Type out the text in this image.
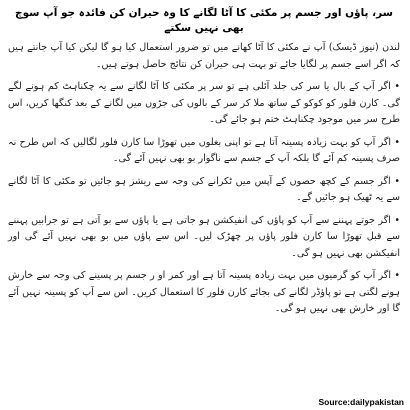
سر، پاؤں اور جسم پر مکئی کا آٹا لگانے کا وہ حیران کن فائدہ جو آپ سوچ بھی نہیں سکتے

لندن (نیوز ڈیسک) آپ نے مکئی کا آٹا کھانے میں تو ضرور استعمال کیا ہو گا لیکن کیا آپ جانتے ہیں کہ اگر اسے جسم پر لگایا جائے تو بہت ہی حیران کن نتائج حاصل ہوتے ہیں۔

• اگر آپ کے بال یا سر کی جلد آئلی ہے تو سر پر مکئی کا آٹا لگانے سے یہ چکناہٹ کم ہونے لگے گی۔ کارن فلور کو کوکو کے ساتھ ملا کر سر کے بالوں کی جڑوں میں لگانے کے بعد کنگھا کریں، اس طرح سر میں موجود چکناہٹ ختم ہو جائے گی۔

• اگر آپ کو بہت زیادہ پسینہ آتا ہے تو اپنی بغلوں میں تھوڑا سا کارن فلور لگالیں کہ اس طرح نہ صرف پسینہ کم آئے گا بلکہ آپ کے جسم سے ناگوار بو بھی نہیں آئے گی۔

• اگر جسم کے کچھ حصوں کے آپس میں ٹکرانے کی وجہ سے ریشز ہو جائیں تو مکئی کا آٹا لگانے سے یہ ٹھیک ہو جائیں گے۔

• اگر جوتے پہننے سے آپ کو پاؤں کی انفیکشن ہو جاتی ہے یا پاؤں سے بو آتی ہے تو جرابیں پہننے سے قبل تھوڑا سا کارن فلور پاؤں پر چھڑک لیں۔ اس سے پاؤں میں بو بھی نہیں آئے گی اور انفیکشن بھی نہیں ہو گی۔

• اگر آپ کو گرمیوں میں بہت زیادہ پسینہ آتا ہے اور کمر او ر جسم پر پسینے کی وجہ سے خارش ہونے لگتی ہے تو پاؤڈر لگانے کی بجائے کارن فلور کا استعمال کریں۔ اس سے آپ کو پسینہ نہیں آئے گا اور خارش بھی نہیں ہو گی۔

Source:dailypakistan
